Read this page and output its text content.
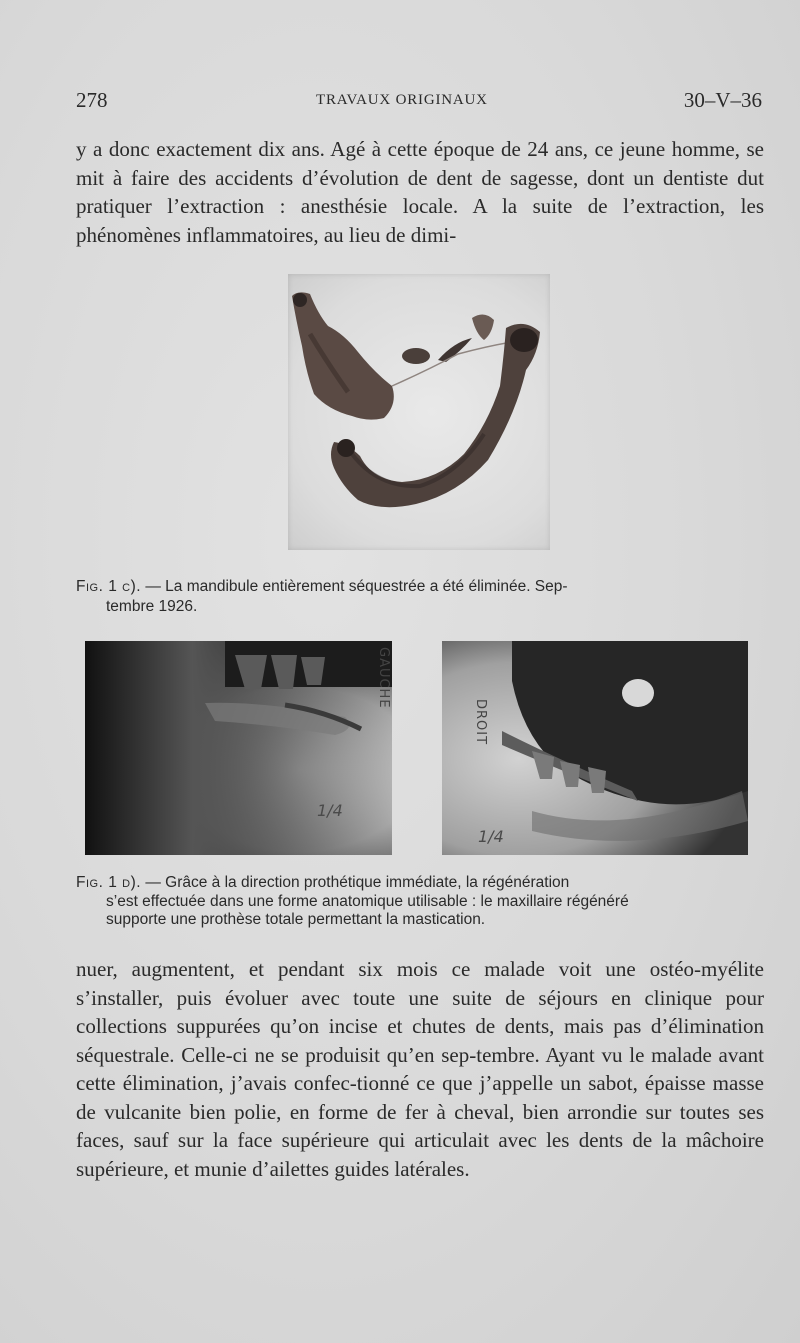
278	TRAVAUX ORIGINAUX	30–V–36

y a donc exactement dix ans. Agé à cette époque de 24 ans, ce jeune homme, se mit à faire des accidents d’évolution de dent de sagesse, dont un dentiste dut pratiquer l’extraction : anesthésie locale. A la suite de l’extraction, les phénomènes inflammatoires, au lieu de dimi-

Fig. 1 c). — La mandibule entièrement séquestrée a été éliminée. Sep-
tembre 1926.

1/4
GAUCHE
1/4
DROIT

Fig. 1 d). — Grâce à la direction prothétique immédiate, la régénération
s’est effectuée dans une forme anatomique utilisable : le maxillaire régénéré
supporte une prothèse totale permettant la mastication.

nuer, augmentent, et pendant six mois ce malade voit une ostéo-myélite s’installer, puis évoluer avec toute une suite de séjours en clinique pour collections suppurées qu’on incise et chutes de dents, mais pas d’élimination séquestrale. Celle-ci ne se produisit qu’en sep-tembre. Ayant vu le malade avant cette élimination, j’avais confec-tionné ce que j’appelle un sabot, épaisse masse de vulcanite bien polie, en forme de fer à cheval, bien arrondie sur toutes ses faces, sauf sur la face supérieure qui articulait avec les dents de la mâchoire supérieure, et munie d’ailettes guides latérales.
